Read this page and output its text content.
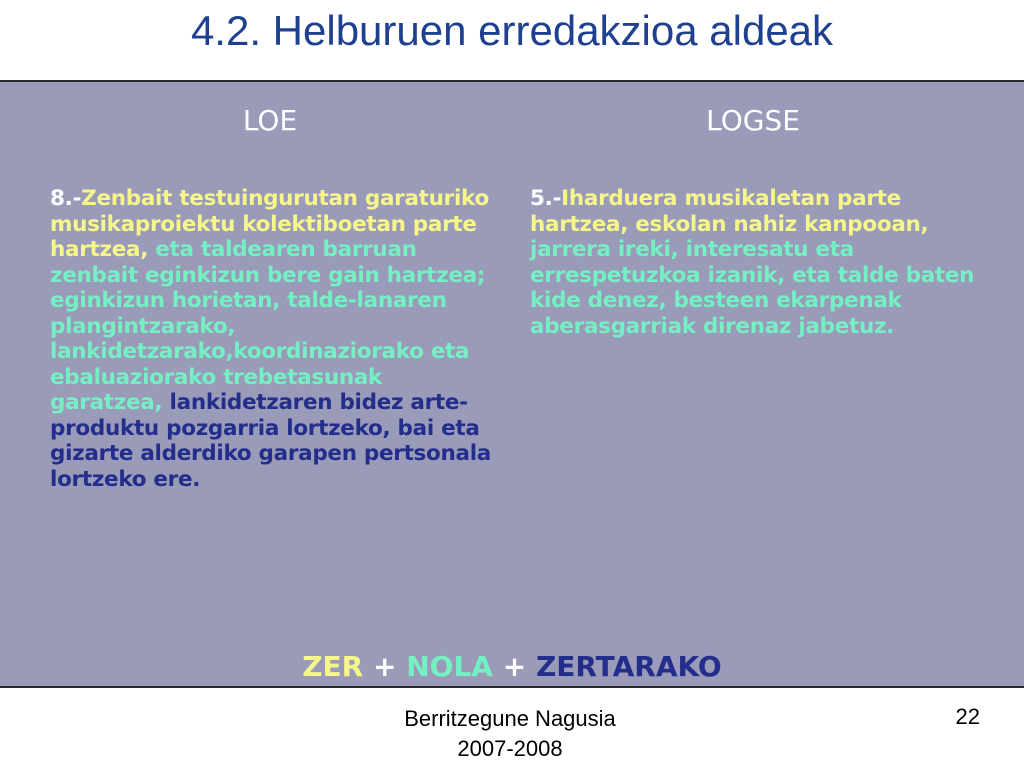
4.2. Helburuen erredakzioa aldeak
LOE	LOGSE
8.-Zenbait testuingurutan garaturiko musikaproiektu kolektiboetan parte hartzea, eta taldearen barruan zenbait eginkizun bere gain hartzea; eginkizun horietan, talde-lanaren plangintzarako, lankidetzarako,koordinaziorako eta ebaluaziorako trebetasunak garatzea, lankidetzaren bidez arte-produktu pozgarria lortzeko, bai eta gizarte alderdiko garapen pertsonala lortzeko ere.
5.-Iharduera musikaletan parte hartzea, eskolan nahiz kanpooan, jarrera ireki, interesatu eta errespetuzkoa izanik, eta talde baten kide denez, besteen ekarpenak aberasgarriak direnaz jabetuz.
ZER + NOLA + ZERTARAKO
Berritzegune Nagusia
2007-2008
22
